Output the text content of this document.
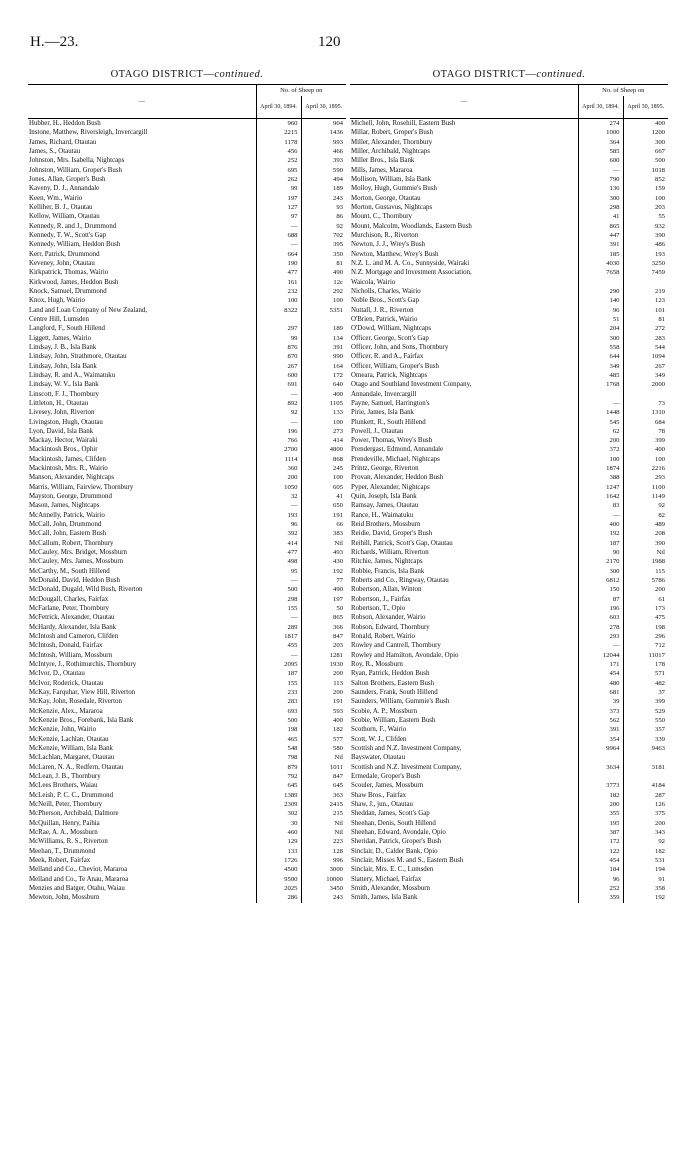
H.—23.	120
OTAGO DISTRICT—continued.
—	No. of Sheep on	
	April 30, 1894.	April 30, 1895.
Hubber, H., Heddon Bush	960	904
Instone, Matthew, Riversleigh, Invercargill	2215	1436
James, Richard, Otautau	1178	993
James, S., Otautau	456	466
Johnston, Mrs. Isabella, Nightcaps	252	393
Johnston, William, Groper's Bush	695	590
Jones, Allan, Groper's Bush	262	494
Kaveny, D. J., Annandale	99	189
Keen, Wm., Wairio	197	243
Kelliher, B. J., Otautau	127	93
Kellow, William, Otautau	97	86
Kennedy, R. and J., Drummond	—	92
Kennedy, T. W., Scott's Gap	688	702
Kennedy, William, Heddon Bush	—	395
Kerr, Patrick, Drummond	664	350
Keveney, John, Otautau	190	81
Kirkpatrick, Thomas, Wairio	477	490
Kirkwood, James, Heddon Bush	161	12c
Knock, Samuel, Drummond	232	292
Knox, Hugh, Wairio	100	100
Land and Loan Company of New Zealand,	8322	5351
Centre Hill, Lumsden		
Langford, F., South Hillend	297	189
Liggett, James, Wairio	99	134
Lindsay, J. B., Isla Bank	876	391
Lindsay, John, Strathmore, Otautau	870	990
Lindsay, John, Isla Bank	267	164
Lindsay, R. and A., Waimatuku	600	172
Lindsay, W. V., Isla Bank	691	640
Linscott, F. J., Thornbury	—	400
Littleton, H., Otautau	892	1105
Livesey, John, Riverton	92	133
Livingston, Hugh, Otautau	—	100
Lyon, David, Isla Bank	196	273
Mackay, Hector, Wairaki	766	414
Mackintosh Bros., Ophir	2700	4800
Mackintosh, James, Clifden	1114	868
Mackintosh, Mrs. R., Wairio	360	245
Manson, Alexander, Nightcaps	200	100
Marris, William, Fairview, Thornbury	1050	605
Mayston, George, Drummond	32	41
Mason, James, Nightcaps	—	650
McAnnelly, Patrick, Wairio	193	191
McCall, John, Drummond	96	66
McCall, John, Eastern Bush	392	383
McCallum, Robert, Thornbury	414	Nil
McCauley, Mrs. Bridget, Mossburn	477	493
McCauley, Mrs. James, Mossburn	498	430
McCarthy, M., South Hillend	95	192
McDonald, David, Heddon Bush	—	77
McDonald, Dugald, Wild Bush, Riverton	500	490
McDougall, Charles, Fairfax	298	197
McFarlane, Peter, Thornbury	155	50
McFetrick, Alexander, Otautau	—	865
McHardy, Alexander, Isla Bank	289	366
McIntosh and Cameron, Clifden	1817	847
McIntosh, Donald, Fairfax	455	203
McIntosh, William, Mossburn	—	1281
McIntyre, J., Rothimurchis, Thornbury	2095	1930
McIvor, D., Otautau	187	200
McIvor, Roderick, Otautau	155	113
McKay, Farquhar, View Hill, Riverton	233	200
McKay, John, Rosedale, Riverton	283	191
McKenzie, Alex., Mararoa	693	593
McKenzie Bros., Forebank, Isla Bank	500	400
McKenzie, John, Wairio	198	182
McKenzie, Lachlan, Otautau	465	577
McKenzie, William, Isla Bank	548	580
McLachlan, Margaret, Otautau	798	Nil
McLaren, N. A., Redfern, Otautau	879	1011
McLean, J. B., Thornbury	792	847
McLees Brothers, Waiau	645	645
McLeish, P. C. C., Drummond	1389	363
McNeill, Peter, Thornbury	2309	2415
McPherson, Archibald, Dalmore	302	215
McQuillan, Henry, Paihia	30	Nil
McRae, A. A., Mossburn	460	Nil
McWilliams, R. S., Riverton	129	223
Meehan, T., Drummond	133	128
Meek, Robert, Fairfax	1726	996
Melland and Co., Cheviot, Mararoa	4500	3000
Melland and Co., Te Anau, Mararoa	9500	10000
Menzies and Batger, Otahu, Waiau	2025	3450
Mewton, John, Mossburn	286	243
OTAGO DISTRICT—continued.
—	No. of Sheep on	
	April 30, 1894.	April 30, 1895.
Michell, John, Rosehill, Eastern Bush	274	400
Millar, Robert, Groper's Bush	1000	1200
Miller, Alexander, Thornbury	364	300
Miller, Archibald, Nightcaps	585	667
Miller Bros., Isla Bank	600	500
Mills, James, Mararoa	—	1018
Mollison, William, Isla Bank	790	852
Molloy, Hugh, Gummie's Bush	136	159
Morton, George, Otautau	300	100
Morton, Gustavus, Nightcaps	298	203
Mount, C., Thornbury	41	55
Mount, Malcolm, Woodlands, Eastern Bush	865	932
Murchison, R., Riverton	447	390
Newton, J. J., Wrey's Bush	391	486
Newton, Matthew, Wrey's Bush	185	193
N.Z. L. and M. A. Co., Sunnyside, Wairaki	4030	3250
N.Z. Mortgage and Investment Association,	7658	7459
Waicola, Wairio		
Nicholls, Charles, Wairio	290	219
Noble Bros., Scott's Gap	140	123
Nuttall, J. R., Riverton	96	101
O'Brien, Patrick, Wairio	51	81
O'Dowd, William, Nightcaps	204	272
Officer, George, Scott's Gap	300	283
Officer, John, and Sons, Thornbury	558	544
Officer, R. and A., Fairfax	644	1094
Officer, William, Groper's Bush	349	267
Omeara, Patrick, Nightcaps	485	349
Otago and Southland Investment Company,	1768	2000
Annandale, Invercargill		
Payne, Samuel, Harrington's	—	73
Pirie, James, Isla Bank	1448	1310
Plunkett, R., South Hillend	545	684
Powell, J., Otautau	62	78
Power, Thomas, Wrey's Bush	200	399
Prendergast, Edmond, Annandale	372	400
Prendeville, Michael, Nightcaps	100	100
Printz, George, Riverton	1874	2216
Provan, Alexander, Heddon Bush	388	293
Pyper, Alexander, Nightcaps	1247	1100
Quin, Joseph, Isla Bank	1642	1149
Ramsay, James, Otautau	83	92
Rance, H., Waimatuku	—	82
Reid Brothers, Mossburn	400	489
Reidie, David, Groper's Bush	192	208
Reihill, Patrick, Scott's Gap, Otautau	187	390
Richards, William, Riverton	90	Nil
Ritchie, James, Nightcaps	2170	1988
Robbie, Francis, Isla Bank	300	115
Roberts and Co., Ringway, Otautau	6812	5786
Robertson, Allan, Winton	150	200
Robertson, J., Fairfax	87	61
Robertson, T., Opio	196	173
Robson, Alexander, Wairio	603	475
Robson, Edward, Thornbury	278	198
Ronald, Robert, Wairio	293	296
Rowley and Cantrell, Thornbury	—	712
Rowley and Hamilton, Avondale, Opio	12044	11017
Roy, R., Mossburn	171	178
Ryan, Patrick, Heddon Bush	454	571
Salton Brothers, Eastern Bush	480	482
Saunders, Frank, South Hillend	681	37
Saunders, William, Gummie's Bush	39	399
Scobie, A. P., Mossburn	373	529
Scobie, William, Eastern Bush	562	550
Scothorn, F., Wairio	391	357
Scott, W. J., Clifden	354	339
Scottish and N.Z. Investment Company,	9964	9463
Bayswater, Otautau		
Scottish and N.Z. Investment Company,	3634	3181
Ermedale, Groper's Bush		
Scouler, James, Mossburn	3773	4184
Shaw Bros., Fairfax	182	287
Shaw, J., jun., Otautau	200	126
Sheddan, James, Scott's Gap	355	375
Sheehan, Denis, South Hillend	195	200
Sheehan, Edward, Avondale, Opio	387	343
Sheridan, Patrick, Groper's Bush	172	92
Sinclair, D., Calder Bank, Opio	122	182
Sinclair, Misses M. and S., Eastern Bush	454	531
Sinclair, Mrs. E. C., Lumsden	184	194
Slattery, Michael, Fairfax	96	91
Smith, Alexander, Mossburn	252	358
Smith, James, Isla Bank	359	192
